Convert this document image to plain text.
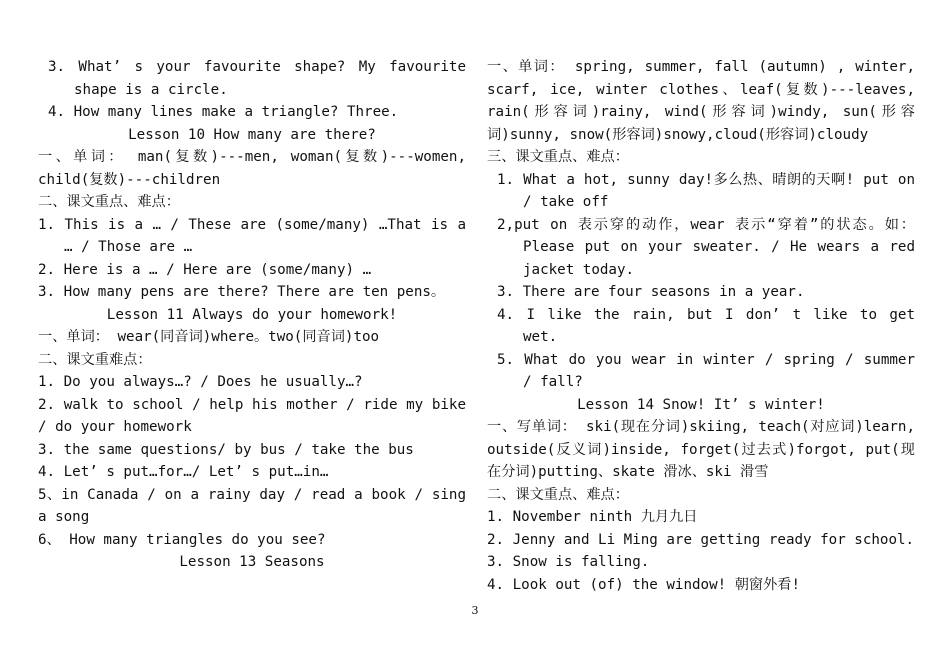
3. What’ s your favourite shape? My favourite shape is a circle.
4. How many lines make a triangle? Three.
Lesson 10 How many are there?
一、单词： man(复数)---men, woman(复数)---women, child(复数)---children
二、课文重点、难点：
1. This is a … / These are (some/many) …That is a … / Those are …
2. Here is a … / Here are (some/many) …
3. How many pens are there? There are ten pens。
Lesson 11 Always do your homework!
一、单词： wear(同音词)where。two(同音词)too
二、课文重难点：
1. Do you always…? / Does he usually…?
2. walk to school / help his mother / ride my bike / do your homework
3. the same questions/ by bus / take the bus
4. Let’ s put…for…/ Let’ s put…in…
5、in Canada / on a rainy day / read a book / sing a song
6、 How many triangles do you see?
Lesson 13 Seasons
一、单词： spring, summer, fall (autumn) , winter, scarf, ice, winter clothes、leaf(复数)---leaves, rain(形容词)rainy, wind(形容词)windy, sun(形容词)sunny, snow(形容词)snowy,cloud(形容词)cloudy
三、课文重点、难点：
1. What a hot, sunny day!多么热、晴朗的天啊! put on / take off
2,put on 表示穿的动作，wear 表示“穿着”的状态。如：Please put on your sweater. / He wears a red jacket today.
3. There are four seasons in a year.
4. I like the rain, but I don’ t like to get wet.
5. What do you wear in winter / spring / summer / fall?
Lesson 14 Snow! It’ s winter!
一、写单词： ski(现在分词)skiing, teach(对应词)learn, outside(反义词)inside, forget(过去式)forgot, put(现在分词)putting、skate 滑冰、ski 滑雪
二、课文重点、难点：
1. November ninth 九月九日
2. Jenny and Li Ming are getting ready for school.
3. Snow is falling.
4. Look out (of) the window! 朝窗外看!
3
